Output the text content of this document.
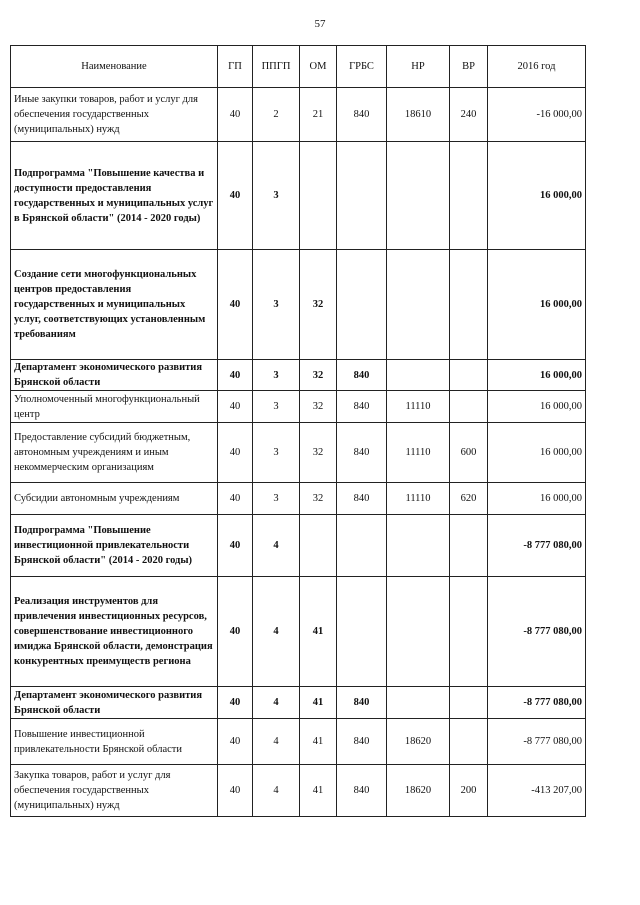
57
Наименование	ГП	ППГП	ОМ	ГРБС	НР	ВР	2016 год
Иные закупки товаров, работ и услуг для обеспечения государственных (муниципальных) нужд	40	2	21	840	18610	240	-16 000,00
Подпрограмма "Повышение качества и доступности предоставления государственных и муниципальных услуг в Брянской области" (2014 - 2020 годы)	40	3					16 000,00
Создание сети многофункциональных центров предоставления государственных и муниципальных услуг, соответствующих установленным требованиям	40	3	32				16 000,00
Департамент экономического развития Брянской области	40	3	32	840			16 000,00
Уполномоченный многофункциональный центр	40	3	32	840	11110		16 000,00
Предоставление субсидий бюджетным, автономным учреждениям и иным некоммерческим организациям	40	3	32	840	11110	600	16 000,00
Субсидии автономным учреждениям	40	3	32	840	11110	620	16 000,00
Подпрограмма "Повышение инвестиционной привлекательности Брянской области" (2014 - 2020 годы)	40	4					-8 777 080,00
Реализация инструментов для привлечения инвестиционных ресурсов, совершенствование инвестиционного имиджа Брянской области, демонстрация конкурентных преимуществ региона	40	4	41				-8 777 080,00
Департамент экономического развития Брянской области	40	4	41	840			-8 777 080,00
Повышение инвестиционной привлекательности Брянской области	40	4	41	840	18620		-8 777 080,00
Закупка товаров, работ и услуг для обеспечения государственных (муниципальных) нужд	40	4	41	840	18620	200	-413 207,00
